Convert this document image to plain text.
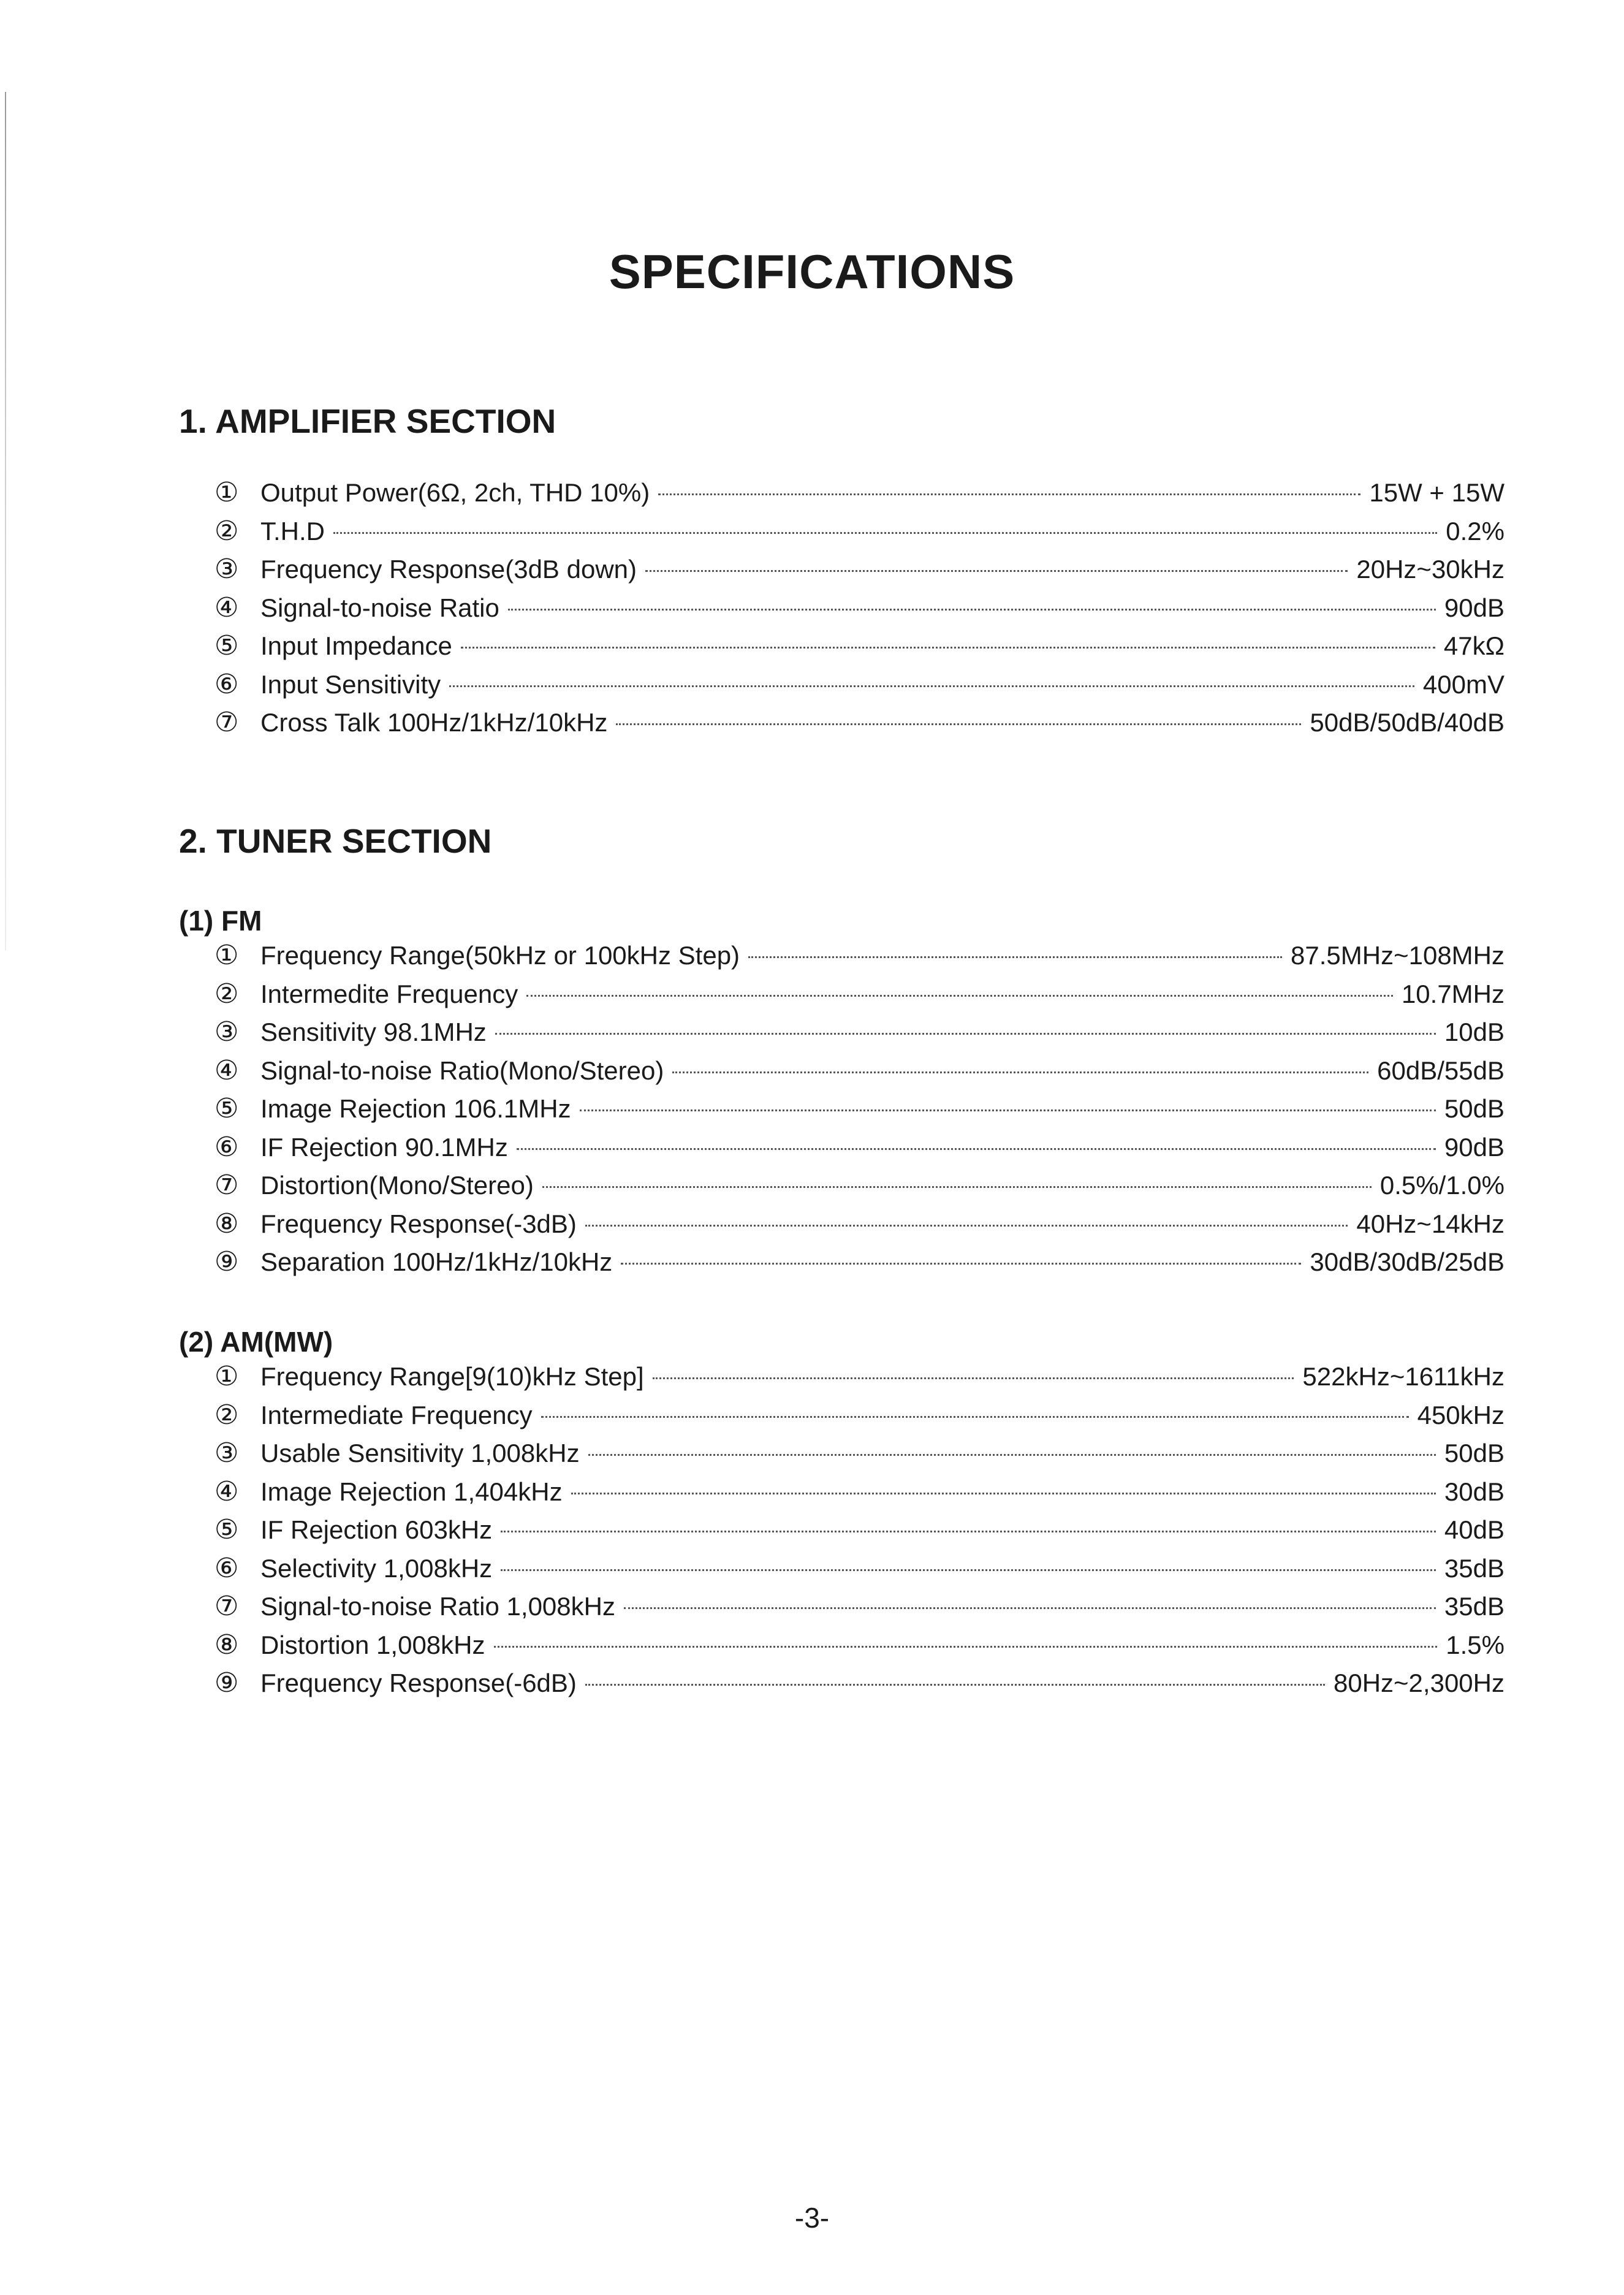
SPECIFICATIONS
1. AMPLIFIER SECTION
① Output Power(6Ω, 2ch, THD 10%)	15W + 15W
② T.H.D	0.2%
③ Frequency Response(3dB down)	20Hz~30kHz
④ Signal-to-noise Ratio	90dB
⑤ Input Impedance	47kΩ
⑥ Input Sensitivity	400mV
⑦ Cross Talk 100Hz/1kHz/10kHz	50dB/50dB/40dB
2. TUNER SECTION
(1) FM
① Frequency Range(50kHz or 100kHz Step)	87.5MHz~108MHz
② Intermedite Frequency	10.7MHz
③ Sensitivity 98.1MHz	10dB
④ Signal-to-noise Ratio(Mono/Stereo)	60dB/55dB
⑤ Image Rejection 106.1MHz	50dB
⑥ IF Rejection 90.1MHz	90dB
⑦ Distortion(Mono/Stereo)	0.5%/1.0%
⑧ Frequency Response(-3dB)	40Hz~14kHz
⑨ Separation 100Hz/1kHz/10kHz	30dB/30dB/25dB
(2) AM(MW)
① Frequency Range[9(10)kHz Step]	522kHz~1611kHz
② Intermediate Frequency	450kHz
③ Usable Sensitivity 1,008kHz	50dB
④ Image Rejection 1,404kHz	30dB
⑤ IF Rejection 603kHz	40dB
⑥ Selectivity 1,008kHz	35dB
⑦ Signal-to-noise Ratio 1,008kHz	35dB
⑧ Distortion 1,008kHz	1.5%
⑨ Frequency Response(-6dB)	80Hz~2,300Hz
-3-
